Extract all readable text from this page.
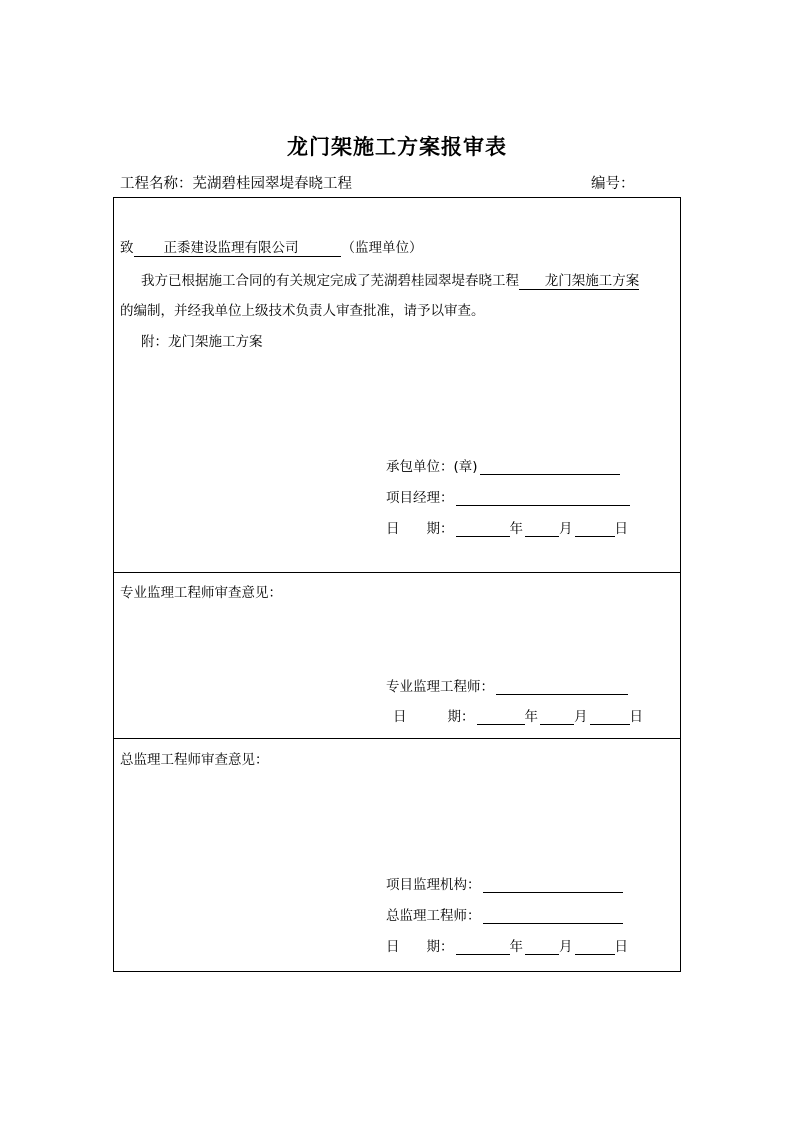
龙门架施工方案报审表
工程名称：芜湖碧桂园翠堤春晓工程	编号：
致 正黍建设监理有限公司	（监理单位）
我方已根据施工合同的有关规定完成了芜湖碧桂园翠堤春晓工程 龙门架施工方案
的编制，并经我单位上级技术负责人审查批准，请予以审查。
附：龙门架施工方案
承包单位：(章)
项目经理：
日 期：	年	月	日
专业监理工程师审查意见：
专业监理工程师：
日	期：	年	月	日
总监理工程师审查意见：
项目监理机构：
总监理工程师：
日 期：	年	月	日
